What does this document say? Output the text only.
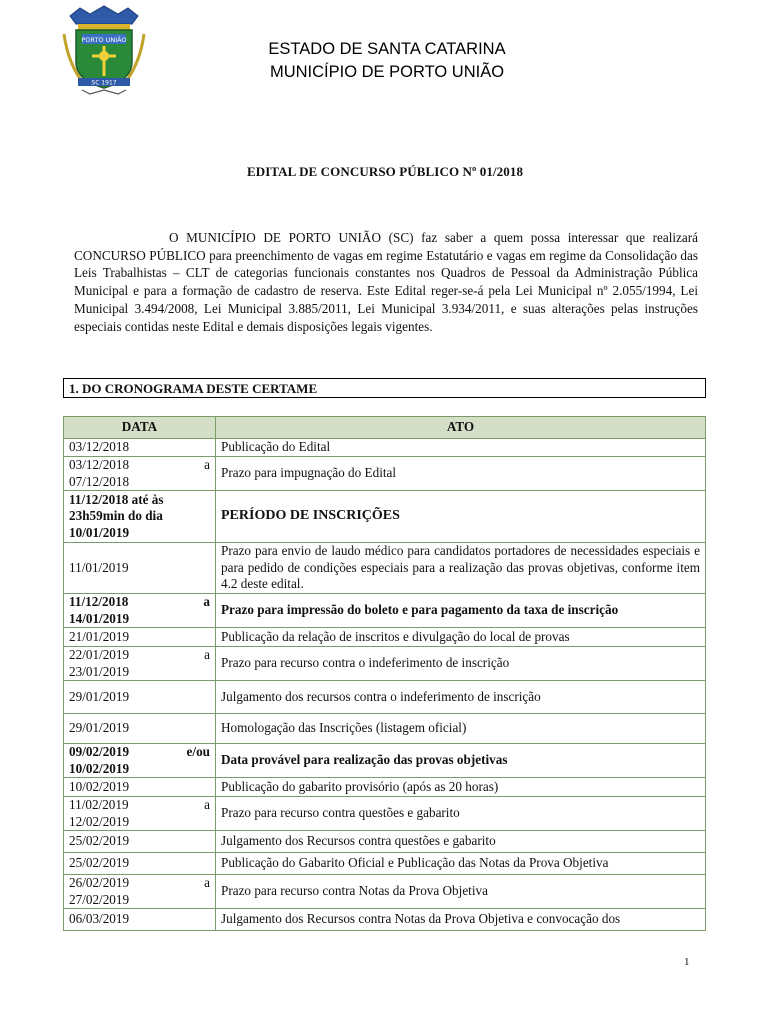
PORTO UNIÃO
SC 1917
ESTADO DE SANTA CATARINA
MUNICÍPIO DE PORTO UNIÃO
EDITAL DE CONCURSO PÚBLICO Nº 01/2018

O MUNICÍPIO DE PORTO UNIÃO (SC) faz saber a quem possa interessar que realizará CONCURSO PÚBLICO para preenchimento de vagas em regime Estatutário e vagas em regime da Consolidação das Leis Trabalhistas – CLT de categorias funcionais constantes nos Quadros de Pessoal da Administração Pública Municipal e para a formação de cadastro de reserva. Este Edital reger-se-á pela Lei Municipal nº 2.055/1994, Lei Municipal 3.494/2008, Lei Municipal 3.885/2011, Lei Municipal 3.934/2011, e suas alterações pelas instruções especiais contidas neste Edital e demais disposições legais vigentes.

1. DO CRONOGRAMA DESTE CERTAME
DATA	ATO

03/12/2018	Publicação do Edital

03/12/2018 a
07/12/2018	Prazo para impugnação do Edital

11/12/2018 até às
23h59min do dia
10/01/2019	PERÍODO DE INSCRIÇÕES

11/01/2019	Prazo para envio de laudo médico para candidatos portadores de necessidades especiais e para pedido de condições especiais para a realização das provas objetivas, conforme item 4.2 deste edital.

11/12/2018 a
14/01/2019	Prazo para impressão do boleto e para pagamento da taxa de inscrição

21/01/2019	Publicação da relação de inscritos e divulgação do local de provas

22/01/2019 a
23/01/2019	Prazo para recurso contra o indeferimento de inscrição

29/01/2019	Julgamento dos recursos contra o indeferimento de inscrição

29/01/2019	Homologação das Inscrições (listagem oficial)

09/02/2019 e/ou
10/02/2019	Data provável para realização das provas objetivas

10/02/2019	Publicação do gabarito provisório (após as 20 horas)

11/02/2019 a
12/02/2019	Prazo para recurso contra questões e gabarito

25/02/2019	Julgamento dos Recursos contra questões e gabarito

25/02/2019	Publicação do Gabarito Oficial e Publicação das Notas da Prova Objetiva

26/02/2019 a
27/02/2019	Prazo para recurso contra Notas da Prova Objetiva

06/03/2019	Julgamento dos Recursos contra Notas da Prova Objetiva e convocação dos
1
